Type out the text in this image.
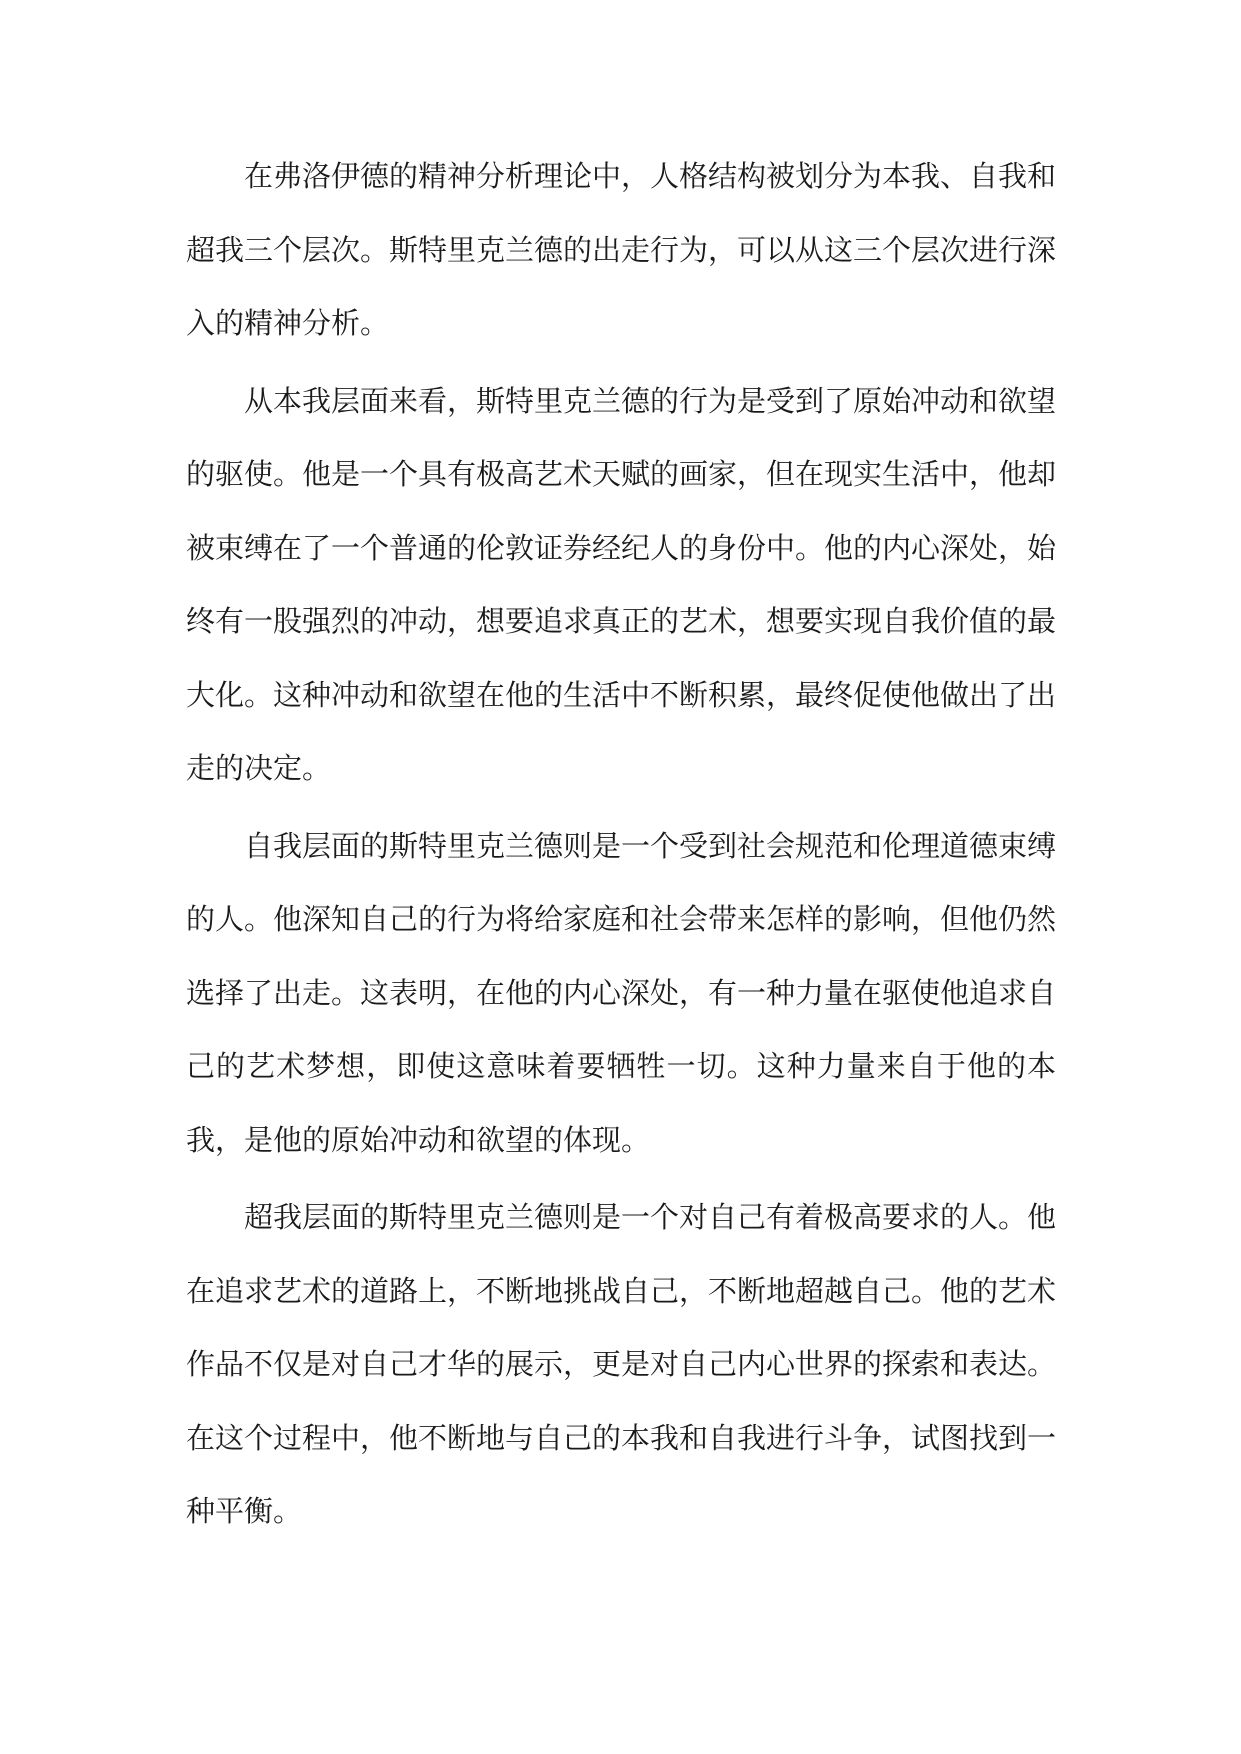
在弗洛伊德的精神分析理论中，人格结构被划分为本我、自我和超我三个层次。斯特里克兰德的出走行为，可以从这三个层次进行深入的精神分析。

从本我层面来看，斯特里克兰德的行为是受到了原始冲动和欲望的驱使。他是一个具有极高艺术天赋的画家，但在现实生活中，他却被束缚在了一个普通的伦敦证券经纪人的身份中。他的内心深处，始终有一股强烈的冲动，想要追求真正的艺术，想要实现自我价值的最大化。这种冲动和欲望在他的生活中不断积累，最终促使他做出了出走的决定。

自我层面的斯特里克兰德则是一个受到社会规范和伦理道德束缚的人。他深知自己的行为将给家庭和社会带来怎样的影响，但他仍然选择了出走。这表明，在他的内心深处，有一种力量在驱使他追求自己的艺术梦想，即使这意味着要牺牲一切。这种力量来自于他的本我，是他的原始冲动和欲望的体现。

超我层面的斯特里克兰德则是一个对自己有着极高要求的人。他在追求艺术的道路上，不断地挑战自己，不断地超越自己。他的艺术作品不仅是对自己才华的展示，更是对自己内心世界的探索和表达。在这个过程中，他不断地与自己的本我和自我进行斗争，试图找到一种平衡。
